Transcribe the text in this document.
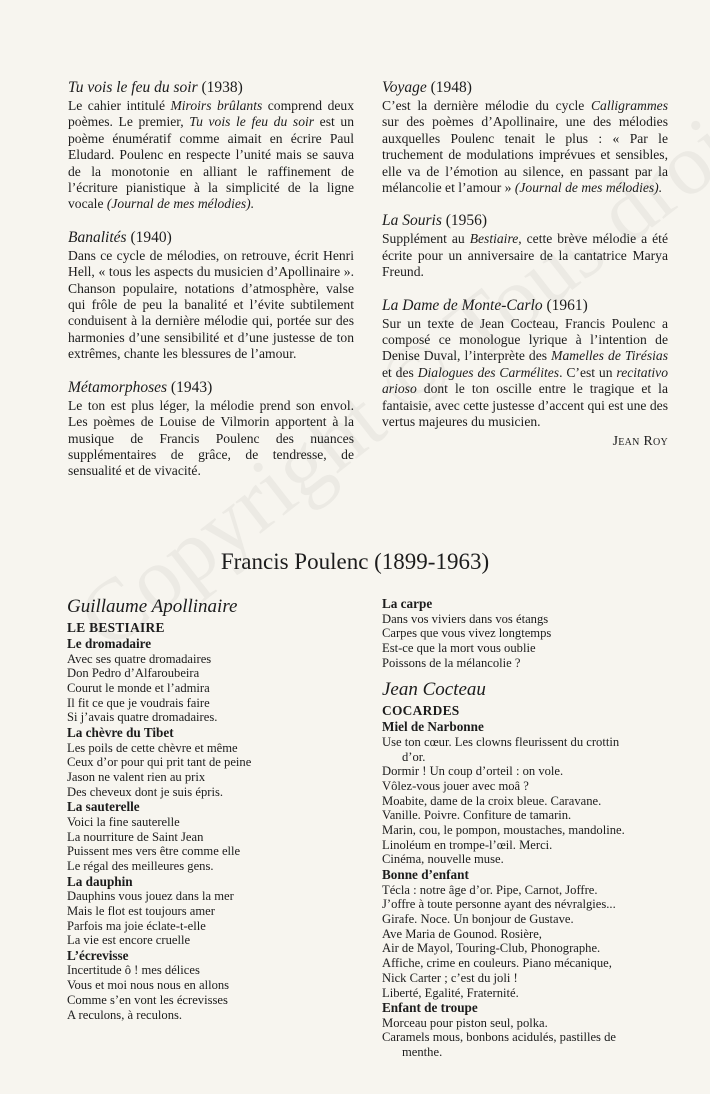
Tu vois le feu du soir (1938)

Le cahier intitulé Miroirs brûlants comprend deux poèmes. Le premier, Tu vois le feu du soir est un poème énumératif comme aimait en écrire Paul Eludard. Poulenc en respecte l’unité mais se sauva de la monotonie en alliant le raffinement de l’écriture pianistique à la simplicité de la ligne vocale (Journal de mes mélodies).

Banalités (1940)

Dans ce cycle de mélodies, on retrouve, écrit Henri Hell, « tous les aspects du musicien d’Apollinaire ». Chanson populaire, notations d’atmosphère, valse qui frôle de peu la banalité et l’évite subtilement conduisent à la dernière mélodie qui, portée sur des harmonies d’une sensibilité et d’une justesse de ton extrêmes, chante les blessures de l’amour.

Métamorphoses (1943)

Le ton est plus léger, la mélodie prend son envol. Les poèmes de Louise de Vilmorin apportent à la musique de Francis Poulenc des nuances supplémentaires de grâce, de tendresse, de sensualité et de vivacité.

Voyage (1948)

C’est la dernière mélodie du cycle Calligrammes sur des poèmes d’Apollinaire, une des mélodies auxquelles Poulenc tenait le plus : « Par le truchement de modulations imprévues et sensibles, elle va de l’émotion au silence, en passant par la mélancolie et l’amour » (Journal de mes mélodies).

La Souris (1956)

Supplément au Bestiaire, cette brève mélodie a été écrite pour un anniversaire de la cantatrice Marya Freund.

La Dame de Monte-Carlo (1961)

Sur un texte de Jean Cocteau, Francis Poulenc a composé ce monologue lyrique à l’intention de Denise Duval, l’interprète des Mamelles de Tirésias et des Dialogues des Carmélites. C’est un recitativo arioso dont le ton oscille entre le tragique et la fantaisie, avec cette justesse d’accent qui est une des vertus majeures du musicien.

Jean Roy
Francis Poulenc (1899-1963)

Guillaume Apollinaire

LE BESTIAIRE

Le dromadaire

Avec ses quatre dromadaires

Don Pedro d’Alfaroubeira

Courut le monde et l’admira

Il fit ce que je voudrais faire

Si j’avais quatre dromadaires.

La chèvre du Tibet

Les poils de cette chèvre et même

Ceux d’or pour qui prit tant de peine

Jason ne valent rien au prix

Des cheveux dont je suis épris.

La sauterelle

Voici la fine sauterelle

La nourriture de Saint Jean

Puissent mes vers être comme elle

Le régal des meilleures gens.

La dauphin

Dauphins vous jouez dans la mer

Mais le flot est toujours amer

Parfois ma joie éclate-t-elle

La vie est encore cruelle

L’écrevisse

Incertitude ô ! mes délices

Vous et moi nous nous en allons

Comme s’en vont les écrevisses

A reculons, à reculons.

La carpe

Dans vos viviers dans vos étangs

Carpes que vous vivez longtemps

Est-ce que la mort vous oublie

Poissons de la mélancolie ?

Jean Cocteau

COCARDES

Miel de Narbonne

Use ton cœur. Les clowns fleurissent du crottin

d’or.

Dormir ! Un coup d’orteil : on vole.

Vôlez-vous jouer avec moâ ?

Moabite, dame de la croix bleue. Caravane.

Vanille. Poivre. Confiture de tamarin.

Marin, cou, le pompon, moustaches, mandoline.

Linoléum en trompe-l’œil. Merci.

Cinéma, nouvelle muse.

Bonne d’enfant

Técla : notre âge d’or. Pipe, Carnot, Joffre.

J’offre à toute personne ayant des névralgies...

Girafe. Noce. Un bonjour de Gustave.

Ave Maria de Gounod. Rosière,

Air de Mayol, Touring-Club, Phonographe.

Affiche, crime en couleurs. Piano mécanique,

Nick Carter ; c’est du joli !

Liberté, Egalité, Fraternité.

Enfant de troupe

Morceau pour piston seul, polka.

Caramels mous, bonbons acidulés, pastilles de

menthe.
